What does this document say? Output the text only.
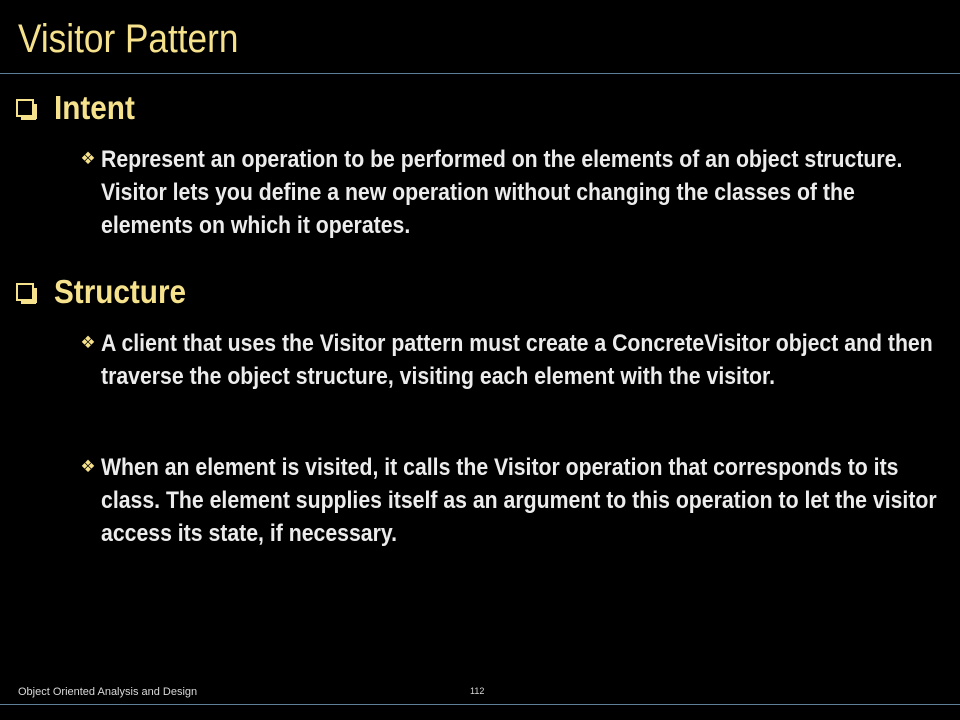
Visitor Pattern
Intent
❖ Represent an operation to be performed on the elements of an object structure. Visitor lets you define a new operation without changing the classes of the elements on which it operates.
Structure
❖ A client that uses the Visitor pattern must create a ConcreteVisitor object and then traverse the object structure, visiting each element with the visitor.
❖ When an element is visited, it calls the Visitor operation that corresponds to its class. The element supplies itself as an argument to this operation to let the visitor access its state, if necessary.
Object Oriented Analysis and Design	112
